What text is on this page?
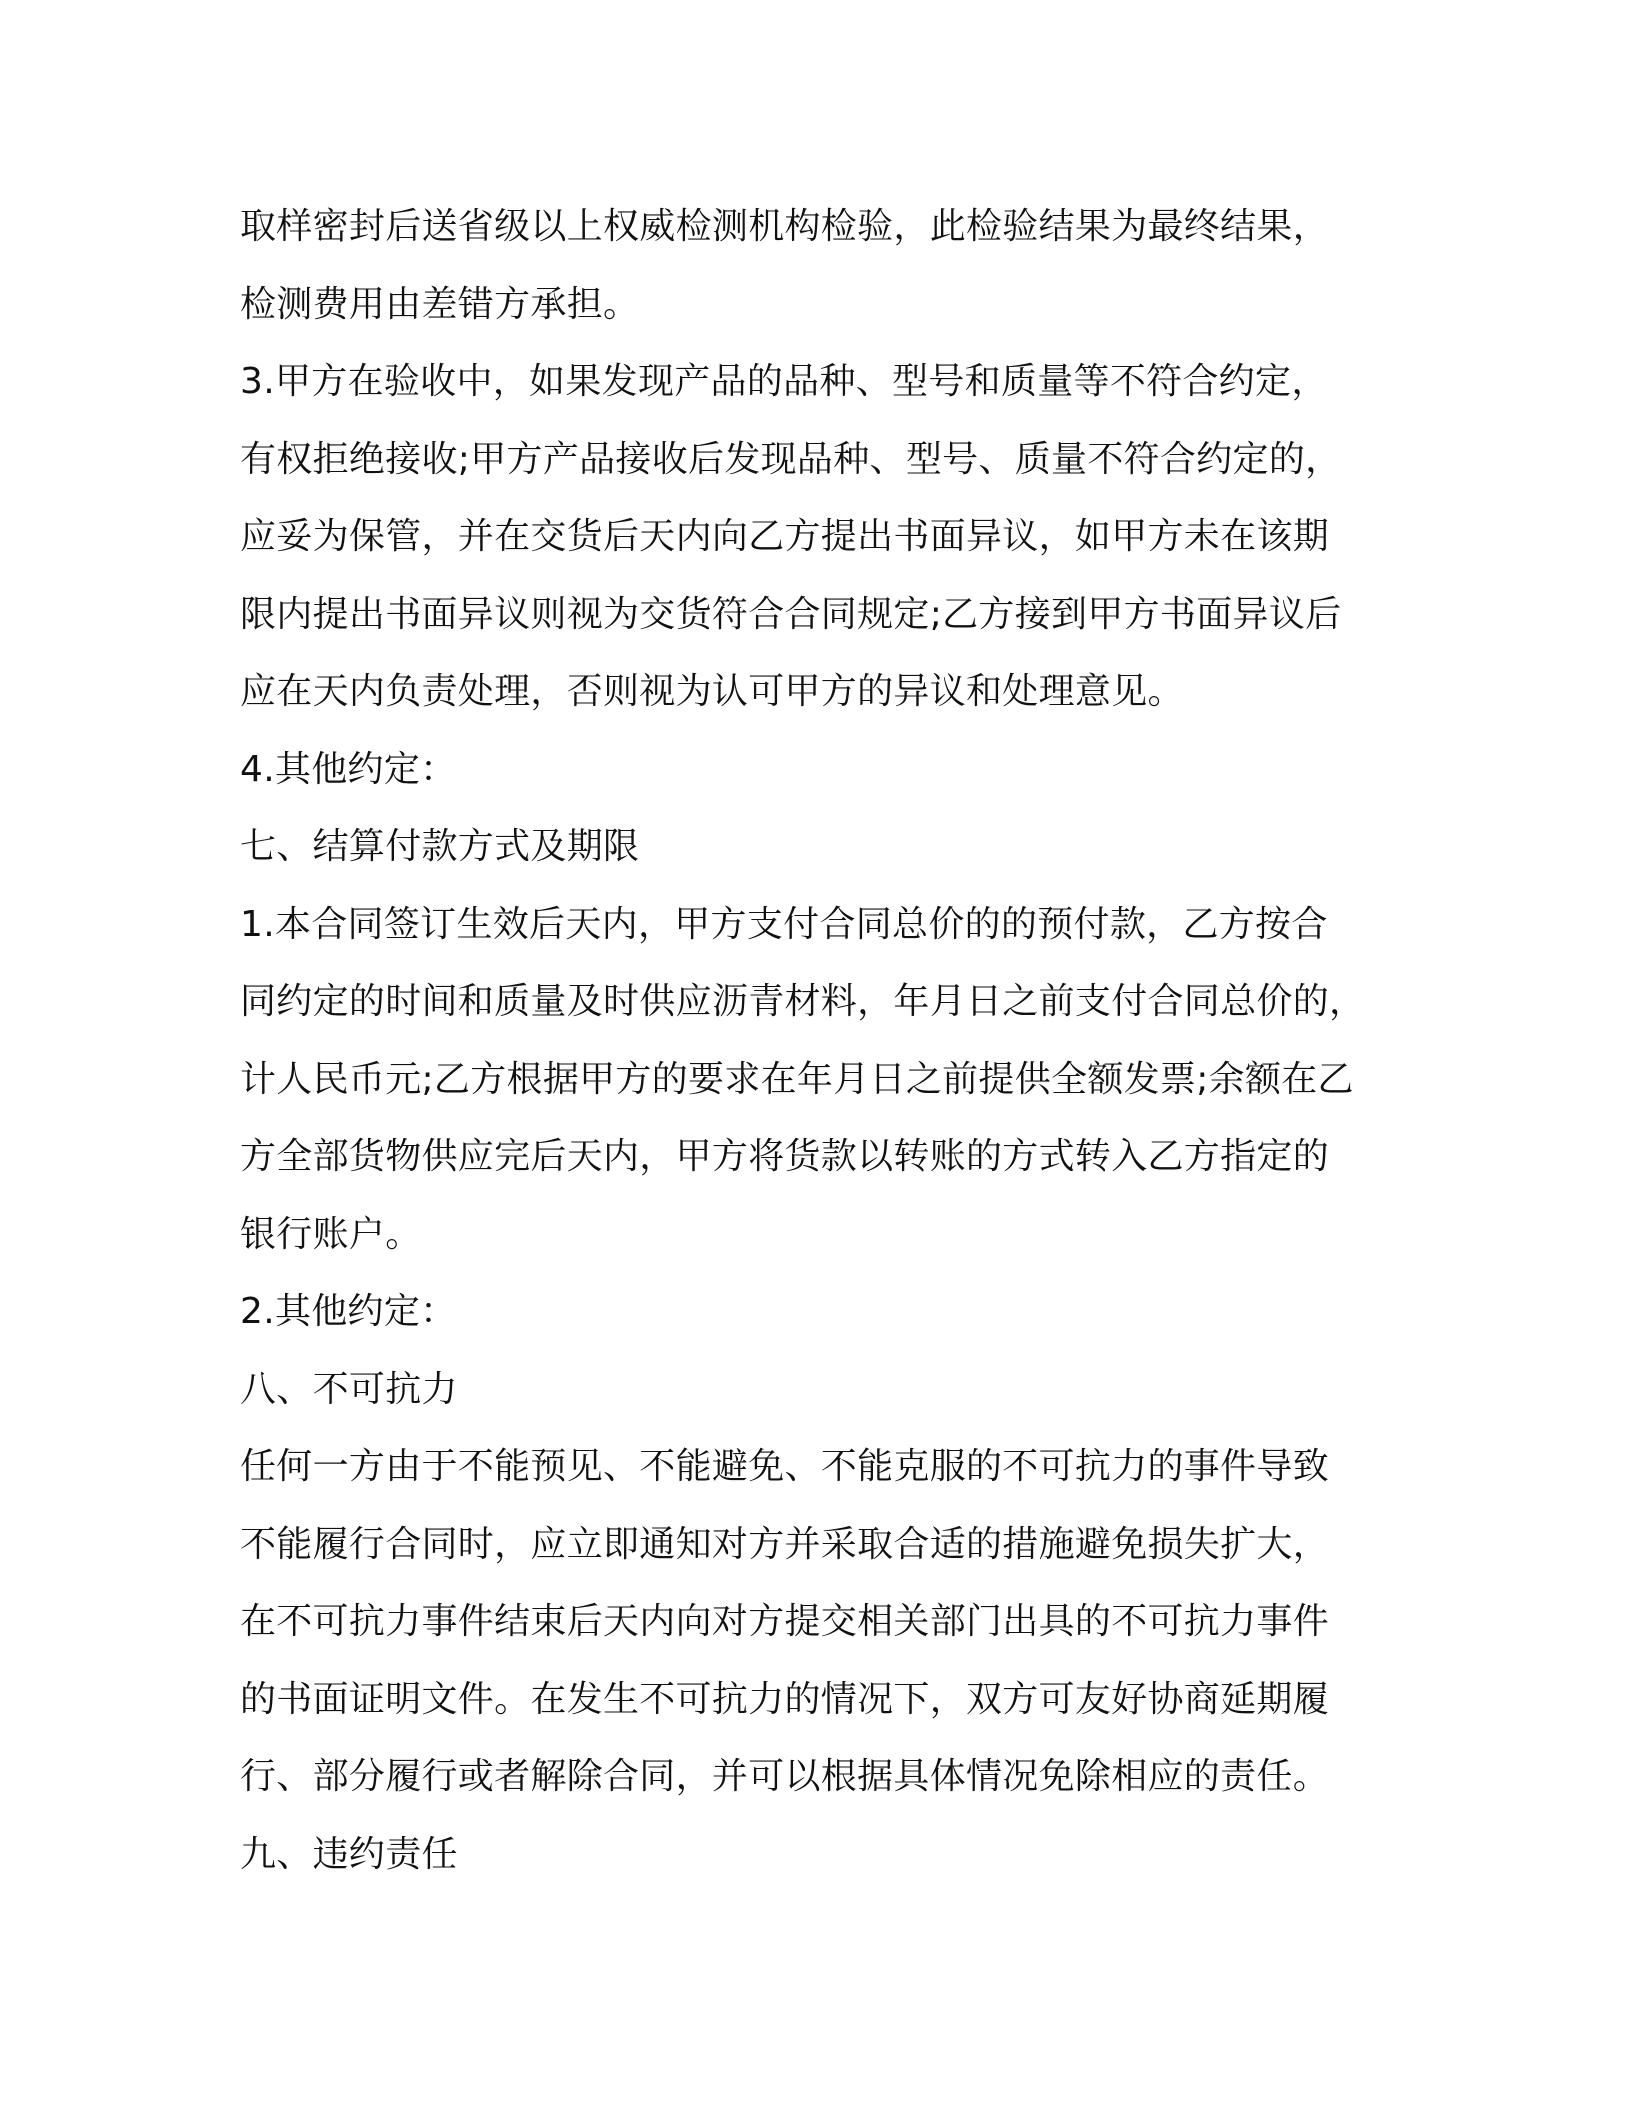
取样密封后送省级以上权威检测机构检验，此检验结果为最终结果，
检测费用由差错方承担。
3.甲方在验收中，如果发现产品的品种、型号和质量等不符合约定，
有权拒绝接收;甲方产品接收后发现品种、型号、质量不符合约定的，
应妥为保管，并在交货后天内向乙方提出书面异议，如甲方未在该期
限内提出书面异议则视为交货符合合同规定;乙方接到甲方书面异议后
应在天内负责处理，否则视为认可甲方的异议和处理意见。
4.其他约定：
七、结算付款方式及期限
1.本合同签订生效后天内，甲方支付合同总价的的预付款，乙方按合
同约定的时间和质量及时供应沥青材料，年月日之前支付合同总价的，
计人民币元;乙方根据甲方的要求在年月日之前提供全额发票;余额在乙
方全部货物供应完后天内，甲方将货款以转账的方式转入乙方指定的
银行账户。
2.其他约定：
八、不可抗力
任何一方由于不能预见、不能避免、不能克服的不可抗力的事件导致
不能履行合同时，应立即通知对方并采取合适的措施避免损失扩大，
在不可抗力事件结束后天内向对方提交相关部门出具的不可抗力事件
的书面证明文件。在发生不可抗力的情况下，双方可友好协商延期履
行、部分履行或者解除合同，并可以根据具体情况免除相应的责任。
九、违约责任
